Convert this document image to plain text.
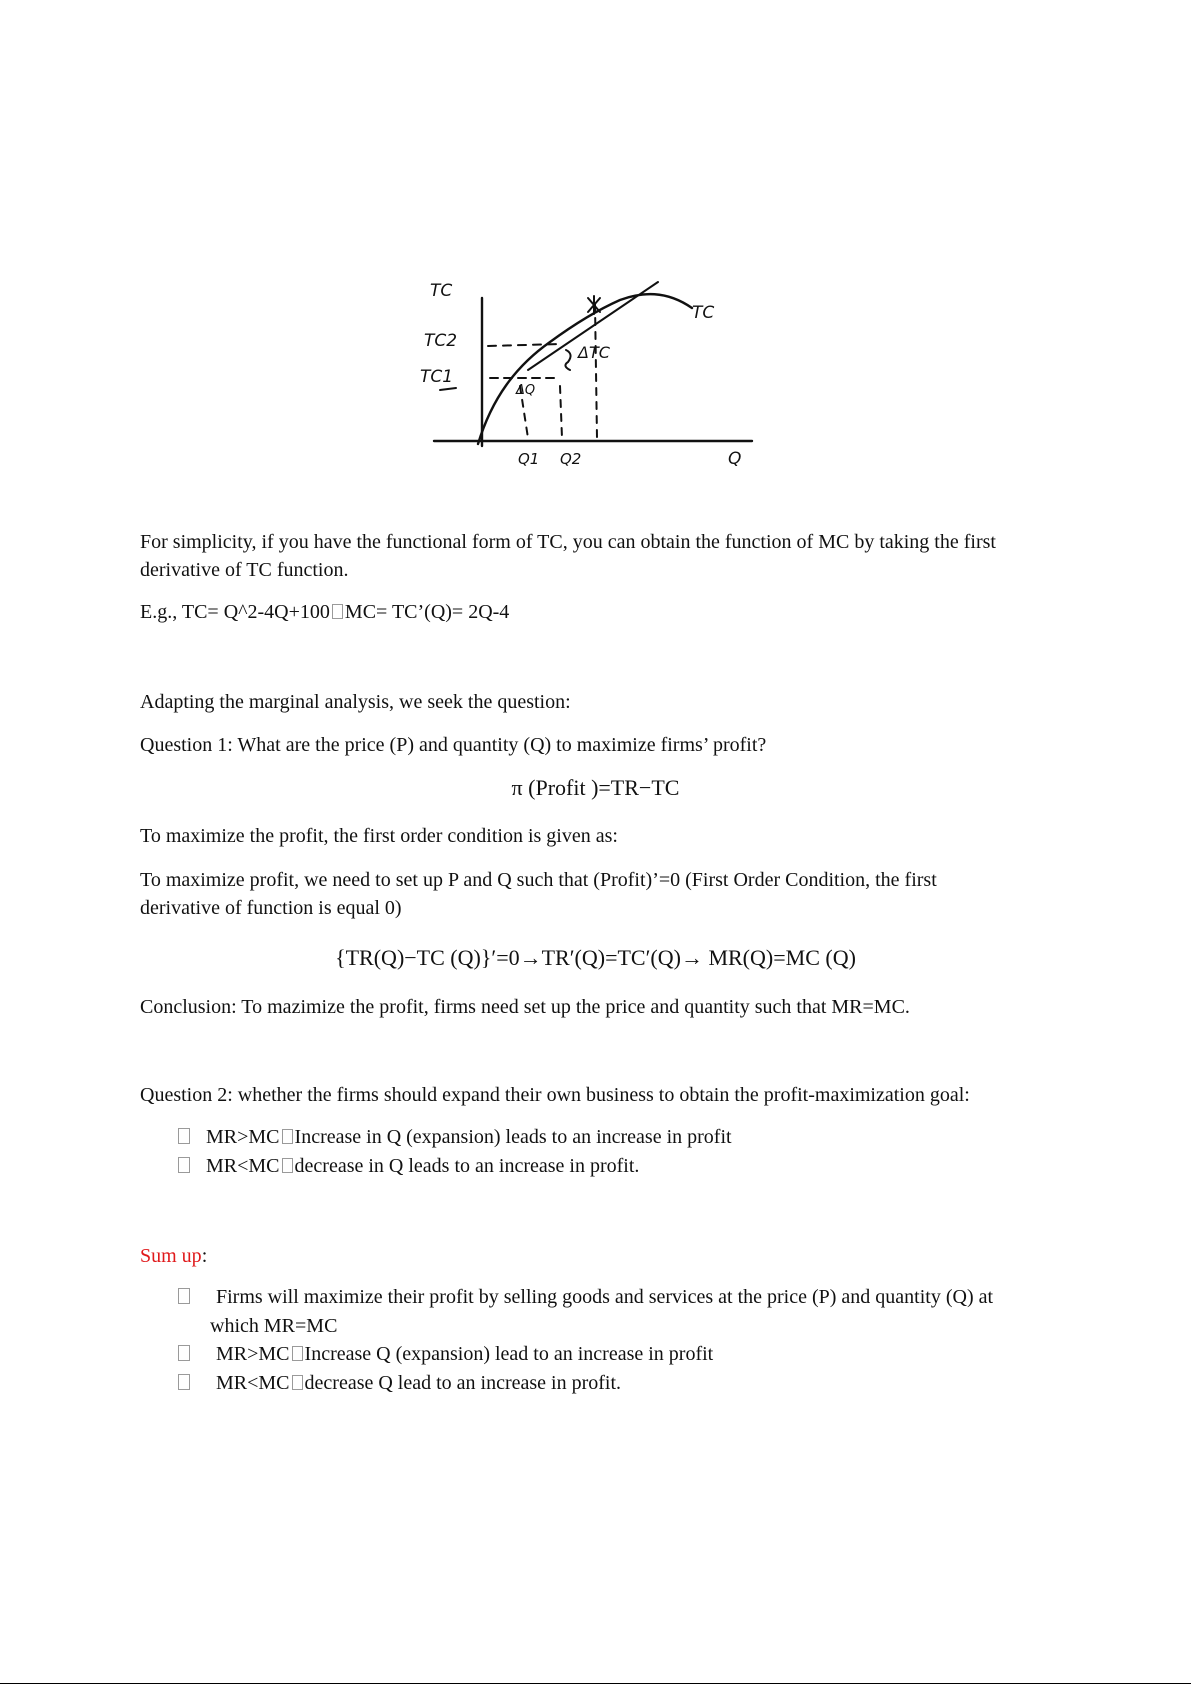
TC
TC2
TC1
TC
ΔTC
ΔQ
Q1 Q2	Q
For simplicity, if you have the functional form of TC, you can obtain the function of MC by taking the first
derivative of TC function.
E.g., TC= Q^2-4Q+100 MC= TC’(Q)= 2Q-4
Adapting the marginal analysis, we seek the question:
Question 1: What are the price (P) and quantity (Q) to maximize firms’ profit?
π (Profit )=TR−TC
To maximize the profit, the first order condition is given as:
To maximize profit, we need to set up P and Q such that (Profit)’=0 (First Order Condition, the first
derivative of function is equal 0)
{TR(Q)−TC (Q)}′=0→TR′(Q)=TC′(Q)→ MR(Q)=MC (Q)
Conclusion: To mazimize the profit, firms need set up the price and quantity such that MR=MC.
Question 2: whether the firms should expand their own business to obtain the profit-maximization goal:
MR>MC Increase in Q (expansion) leads to an increase in profit
MR<MC decrease in Q leads to an increase in profit.
Sum up:
Firms will maximize their profit by selling goods and services at the price (P) and quantity (Q) at
which MR=MC
MR>MC Increase Q (expansion) lead to an increase in profit
MR<MC decrease Q lead to an increase in profit.
